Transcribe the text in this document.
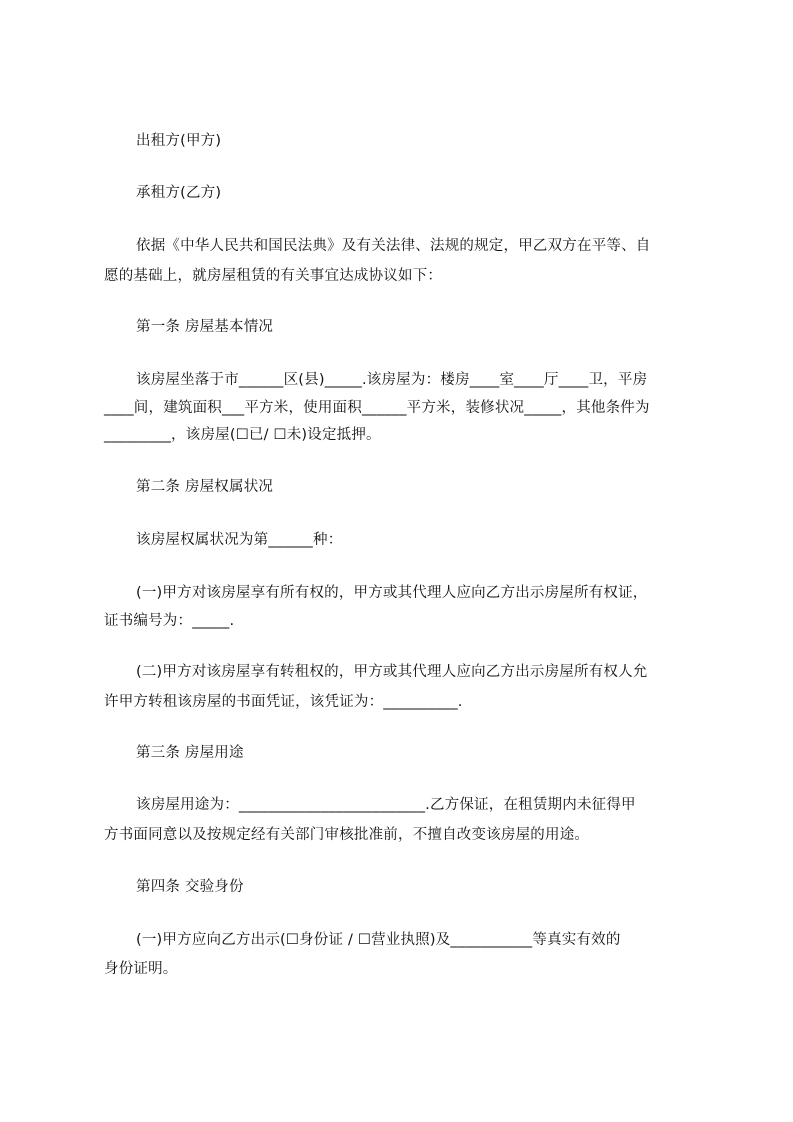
出租方(甲方)
承租方(乙方)
依据《中华人民共和国民法典》及有关法律、法规的规定，甲乙双方在平等、自
愿的基础上，就房屋租赁的有关事宜达成协议如下：
第一条 房屋基本情况
该房屋坐落于市______区(县)_____.该房屋为：楼房____室____厅____卫，平房
____间，建筑面积___平方米，使用面积______平方米，装修状况_____，其他条件为
_________，该房屋(☐已/ ☐未)设定抵押。
第二条 房屋权属状况
该房屋权属状况为第______种：
(一)甲方对该房屋享有所有权的，甲方或其代理人应向乙方出示房屋所有权证，
证书编号为：_____.
(二)甲方对该房屋享有转租权的，甲方或其代理人应向乙方出示房屋所有权人允
许甲方转租该房屋的书面凭证，该凭证为：__________.
第三条 房屋用途
该房屋用途为：_________________________.乙方保证，在租赁期内未征得甲
方书面同意以及按规定经有关部门审核批准前，不擅自改变该房屋的用途。
第四条 交验身份
(一)甲方应向乙方出示(☐身份证 / ☐营业执照)及___________等真实有效的
身份证明。
